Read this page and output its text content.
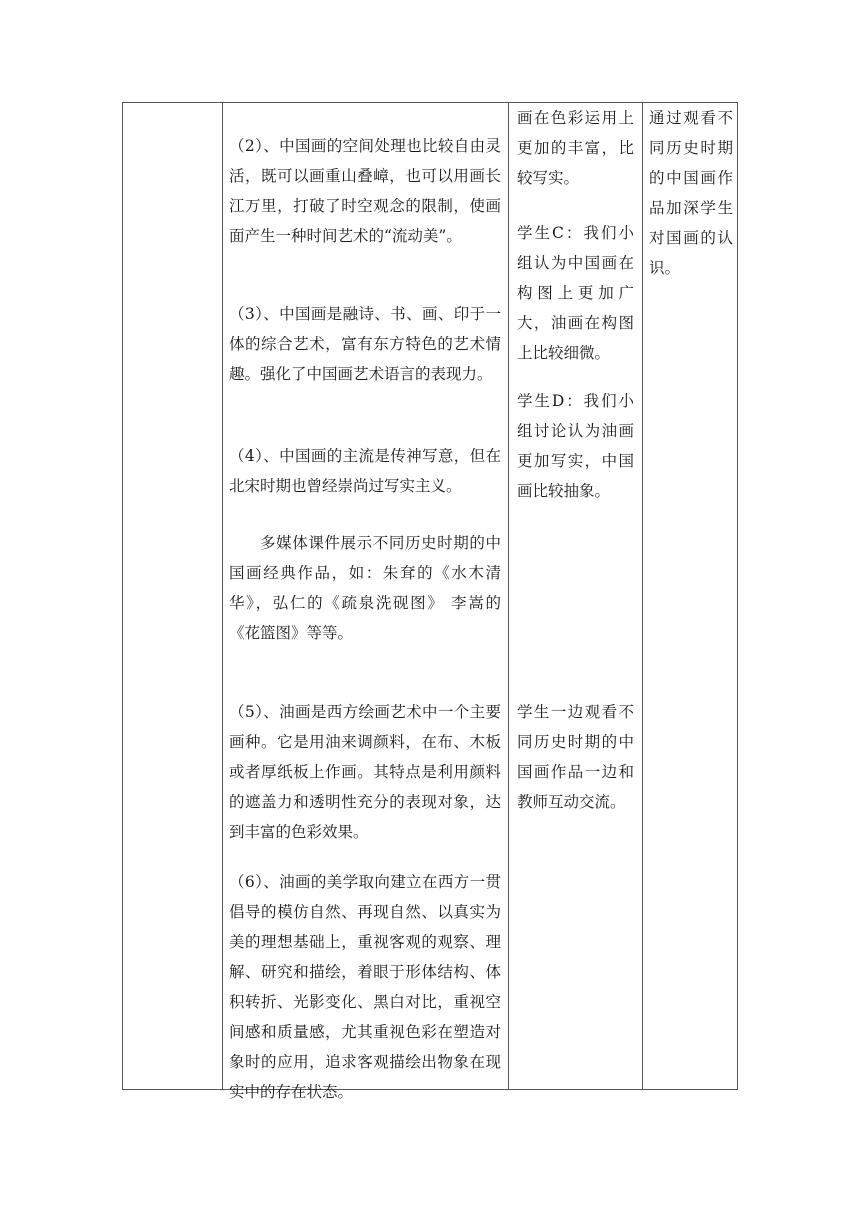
（2）、中国画的空间处理也比较自由灵活，既可以画重山叠嶂，也可以用画长江万里，打破了时空观念的限制，使画面产生一种时间艺术的“流动美”。

（3）、中国画是融诗、书、画、印于一体的综合艺术，富有东方特色的艺术情趣。强化了中国画艺术语言的表现力。

（4）、中国画的主流是传神写意，但在北宋时期也曾经崇尚过写实主义。

多媒体课件展示不同历史时期的中国画经典作品，如：朱耷的《水木清华》，弘仁的《疏泉洗砚图》 李嵩的《花篮图》等等。

（5）、油画是西方绘画艺术中一个主要画种。它是用油来调颜料，在布、木板或者厚纸板上作画。其特点是利用颜料的遮盖力和透明性充分的表现对象，达到丰富的色彩效果。

（6）、油画的美学取向建立在西方一贯倡导的模仿自然、再现自然、以真实为美的理想基础上，重视客观的观察、理解、研究和描绘，着眼于形体结构、体积转折、光影变化、黑白对比，重视空间感和质量感，尤其重视色彩在塑造对象时的应用，追求客观描绘出物象在现实中的存在状态。

画在色彩运用上更加的丰富，比较写实。

学生C：我们小组认为中国画在构图上更加广大，油画在构图上比较细微。

学生D：我们小组讨论认为油画更加写实，中国画比较抽象。

学生一边观看不同历史时期的中国画作品一边和教师互动交流。

通过观看不同历史时期的中国画作品加深学生对国画的认识。
